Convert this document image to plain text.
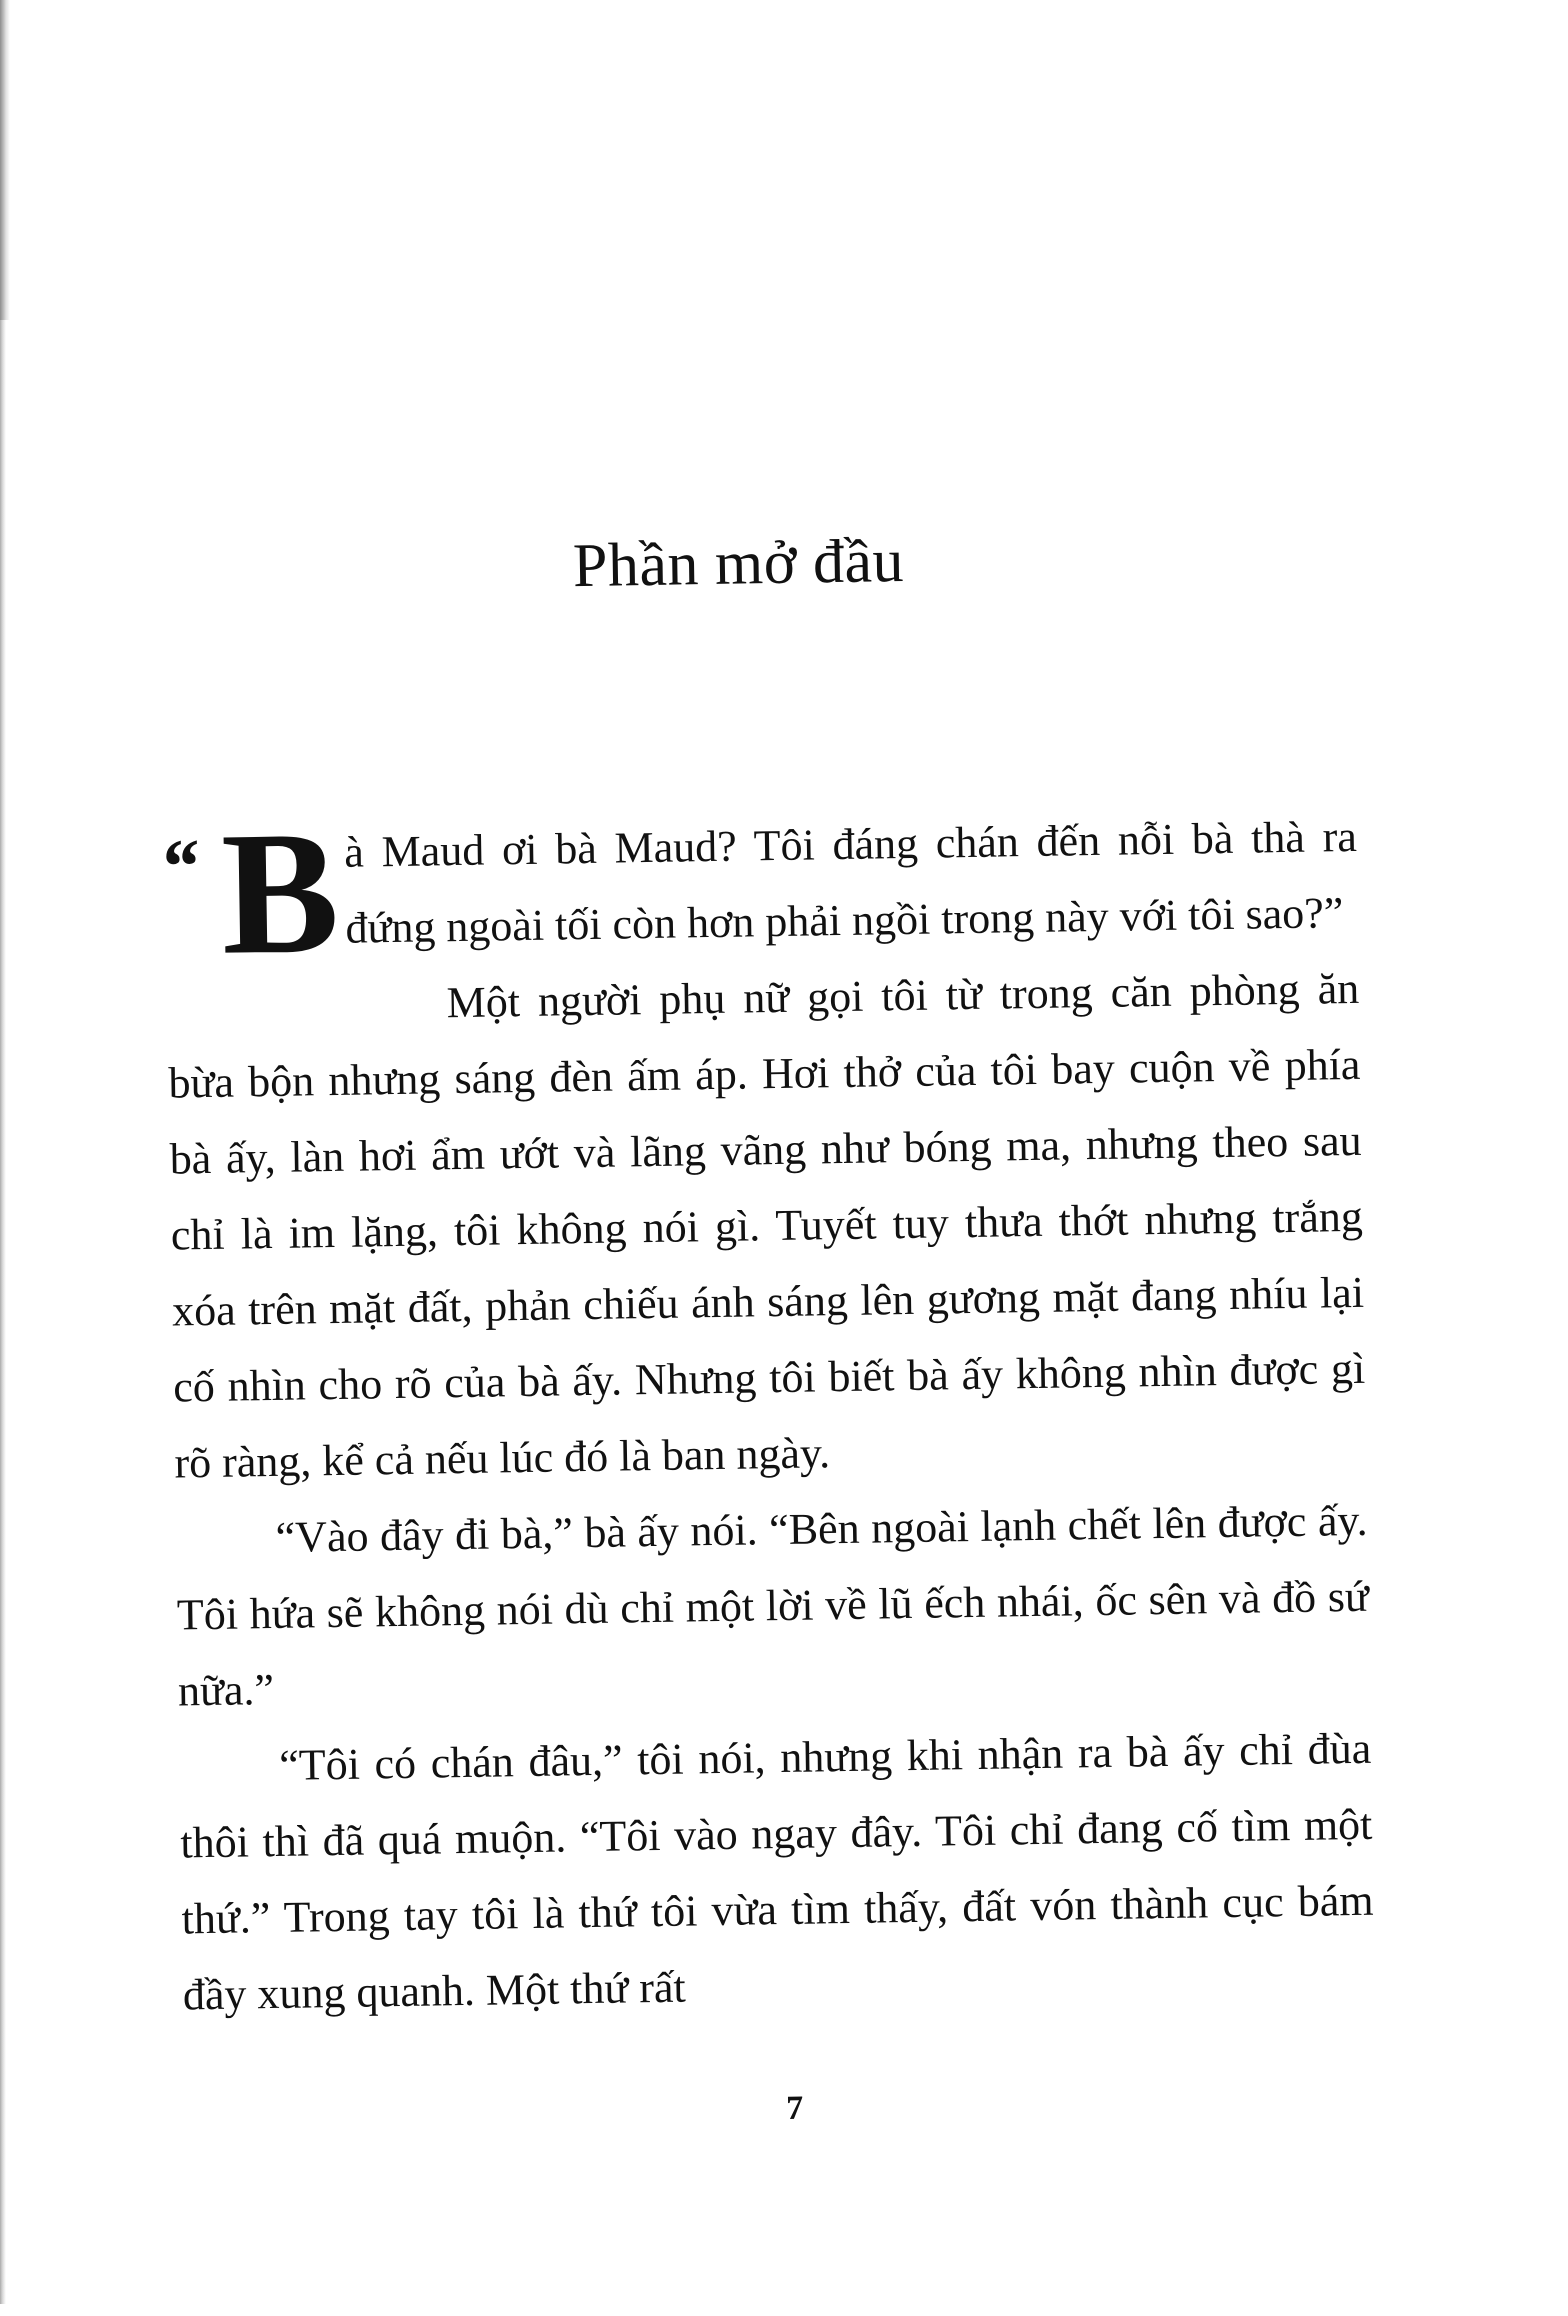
Phần mở đầu

“ B à Maud ơi bà Maud? Tôi đáng chán đến nỗi bà thà ra đứng ngoài tối còn hơn phải ngồi trong này với tôi sao?”

Một người phụ nữ gọi tôi từ trong căn phòng ăn bừa bộn nhưng sáng đèn ấm áp. Hơi thở của tôi bay cuộn về phía bà ấy, làn hơi ẩm ướt và lãng vãng như bóng ma, nhưng theo sau chỉ là im lặng, tôi không nói gì. Tuyết tuy thưa thớt nhưng trắng xóa trên mặt đất, phản chiếu ánh sáng lên gương mặt đang nhíu lại cố nhìn cho rõ của bà ấy. Nhưng tôi biết bà ấy không nhìn được gì rõ ràng, kể cả nếu lúc đó là ban ngày.

“Vào đây đi bà,” bà ấy nói. “Bên ngoài lạnh chết lên được ấy. Tôi hứa sẽ không nói dù chỉ một lời về lũ ếch nhái, ốc sên và đồ sứ nữa.”

“Tôi có chán đâu,” tôi nói, nhưng khi nhận ra bà ấy chỉ đùa thôi thì đã quá muộn. “Tôi vào ngay đây. Tôi chỉ đang cố tìm một thứ.” Trong tay tôi là thứ tôi vừa tìm thấy, đất vón thành cục bám đầy xung quanh. Một thứ rất

7
